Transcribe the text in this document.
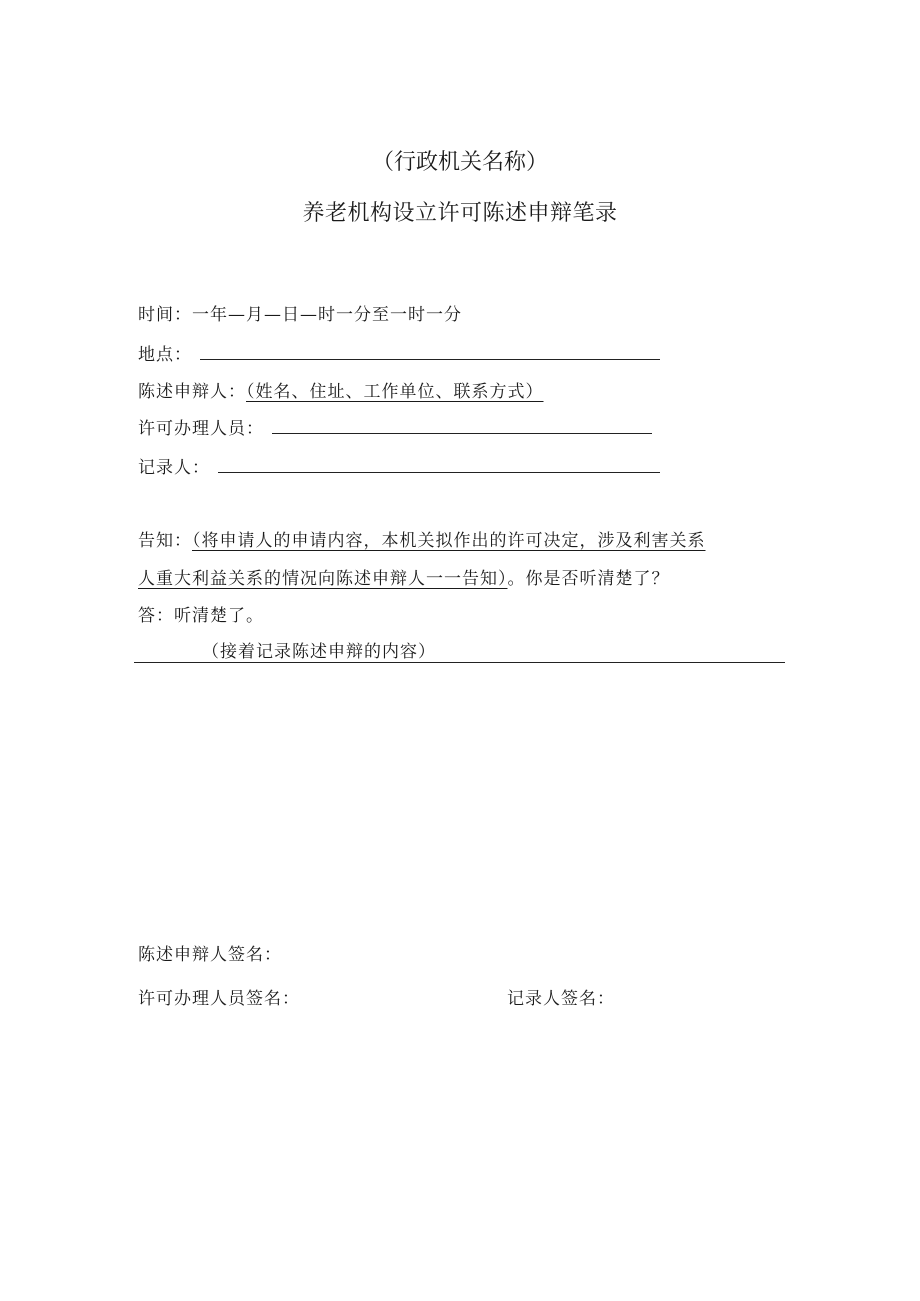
（行政机关名称）
养老机构设立许可陈述申辩笔录
时间：一年—月—日—时一分至一时一分
地点：
陈述申辩人：（姓名、住址、工作单位、联系方式）
许可办理人员：
记录人：
告知：（将申请人的申请内容，本机关拟作出的许可决定，涉及利害关系
人重大利益关系的情况向陈述申辩人一一告知）。你是否听清楚了？
答：听清楚了。
（接着记录陈述申辩的内容）
陈述申辩人签名：
许可办理人员签名：	记录人签名：
